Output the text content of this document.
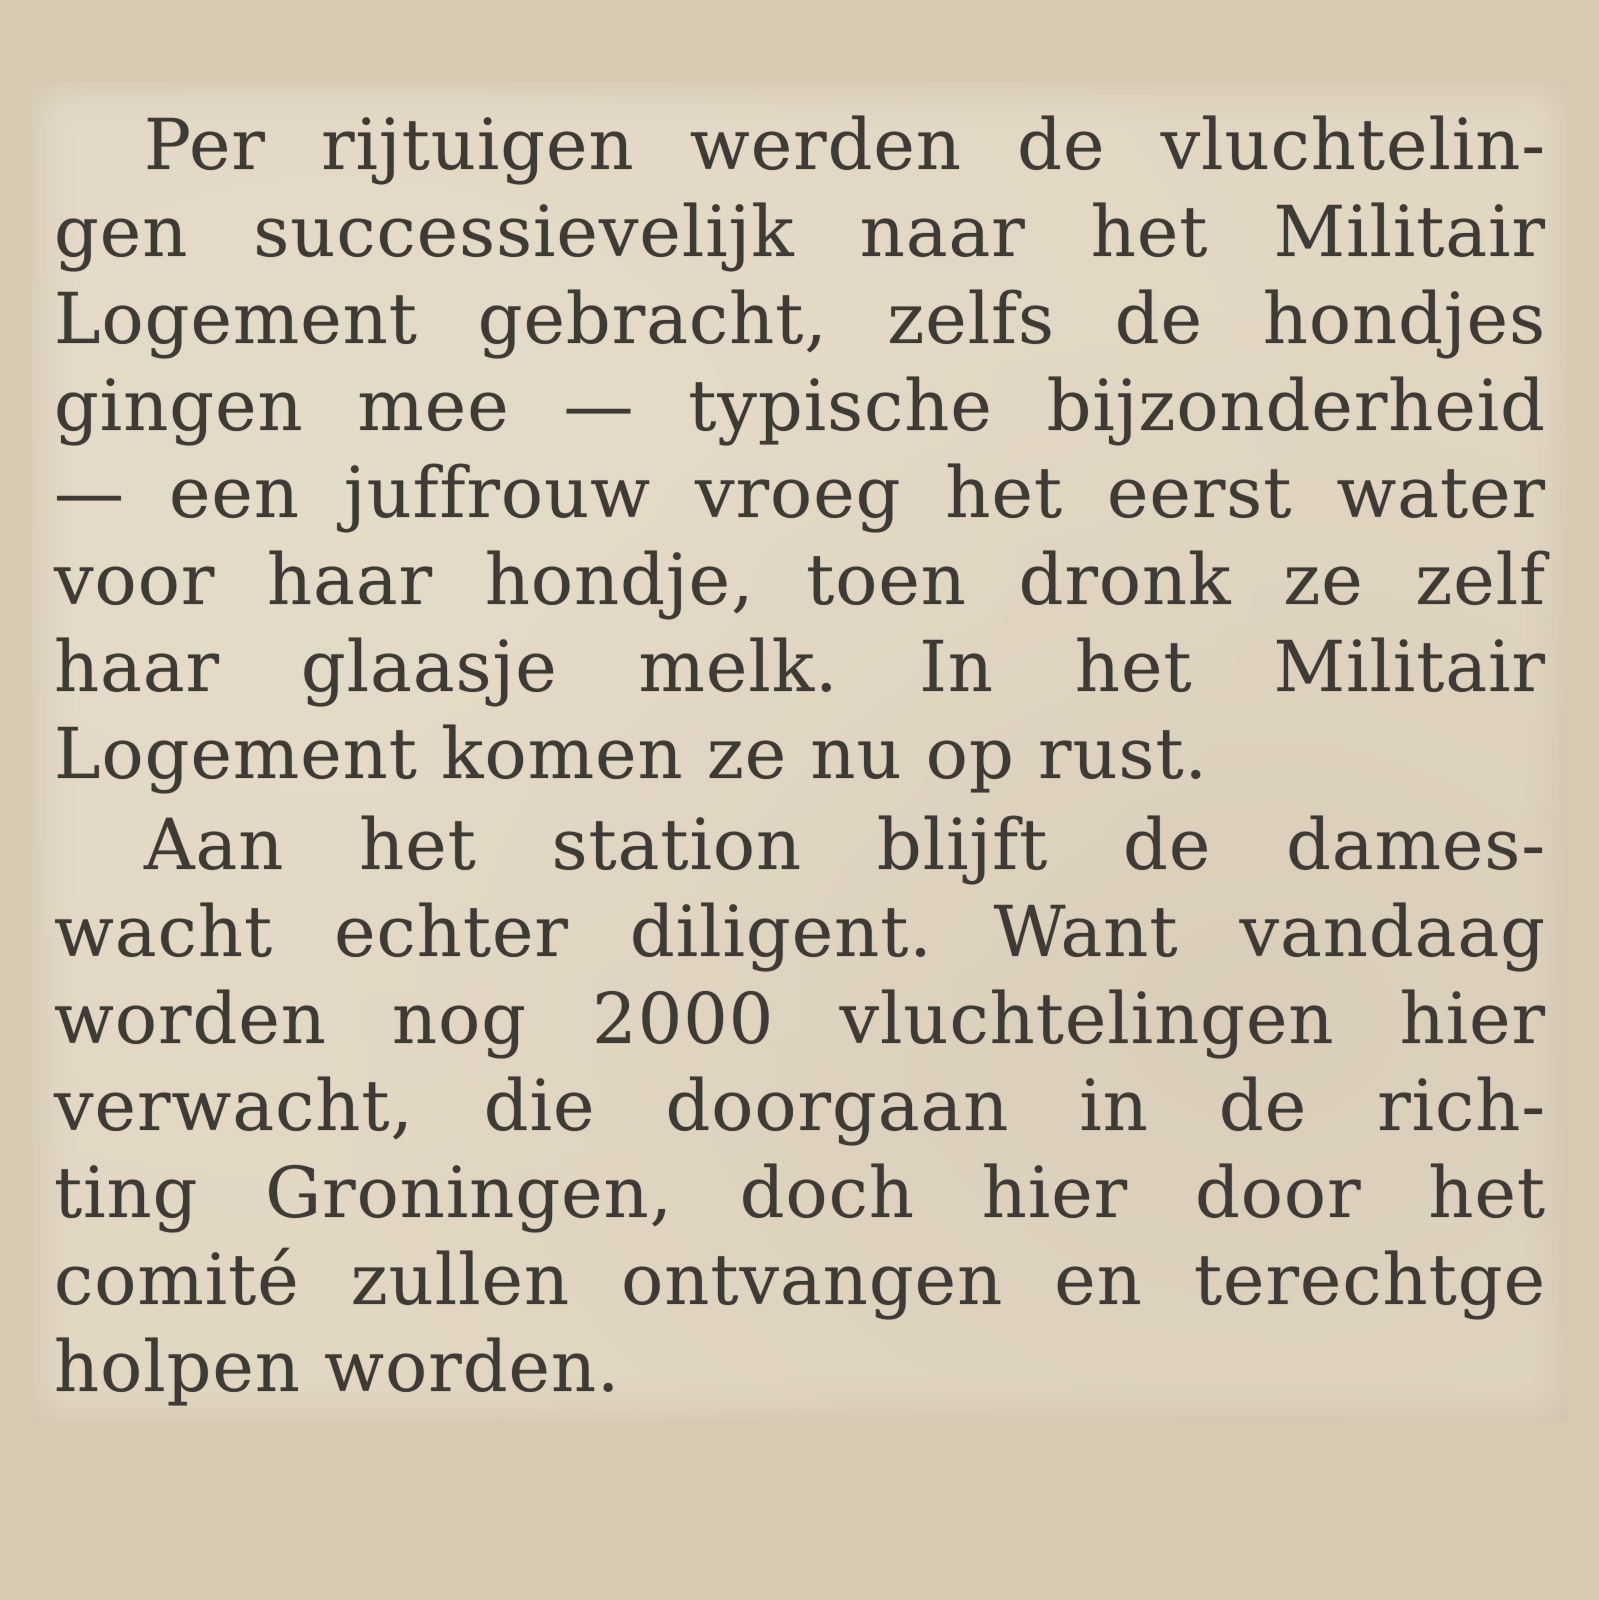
Per rijtuigen werden de vluchtelin-
gen successievelijk naar het Militair
Logement gebracht, zelfs de hondjes
gingen mee — typische bijzonderheid
— een juffrouw vroeg het eerst water
voor haar hondje, toen dronk ze zelf
haar glaasje melk. In het Militair
Logement komen ze nu op rust.
Aan het station blijft de dames-
wacht echter diligent. Want vandaag
worden nog 2000 vluchtelingen hier
verwacht, die doorgaan in de rich-
ting Groningen, doch hier door het
comité zullen ontvangen en terechtge
holpen worden.
